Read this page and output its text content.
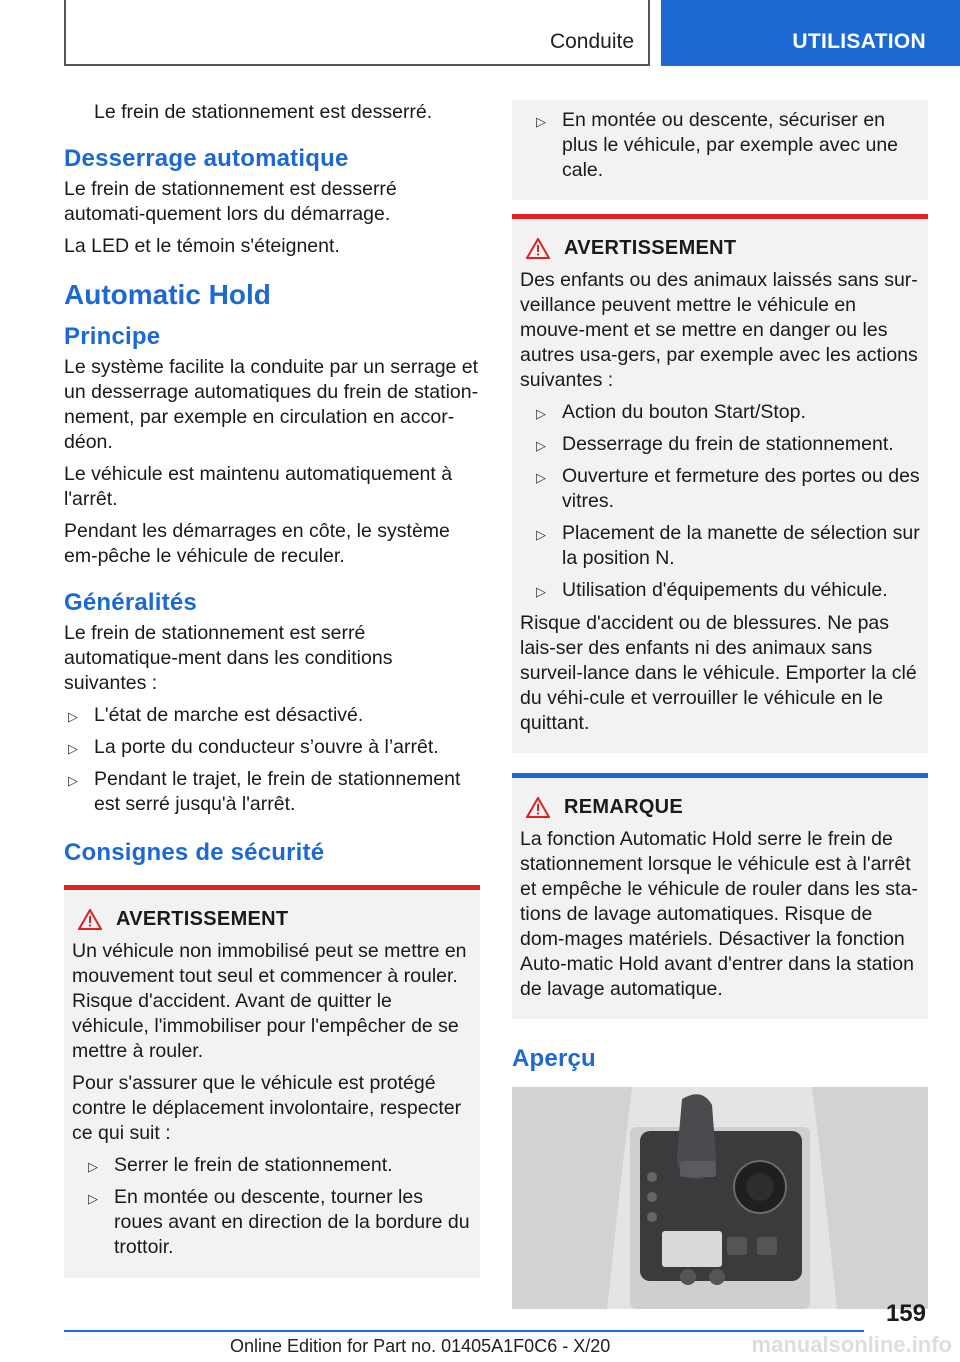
Conduite	UTILISATION

Le frein de stationnement est desserré.

Desserrage automatique

Le frein de stationnement est desserré automati-quement lors du démarrage.

La LED et le témoin s'éteignent.

Automatic Hold
Principe

Le système facilite la conduite par un serrage et un desserrage automatiques du frein de station-nement, par exemple en circulation en accor-déon.

Le véhicule est maintenu automatiquement à l'arrêt.

Pendant les démarrages en côte, le système em-pêche le véhicule de reculer.

Généralités

Le frein de stationnement est serré automatique-ment dans les conditions suivantes :

▷ L'état de marche est désactivé.
▷ La porte du conducteur s’ouvre à l’arrêt.
▷ Pendant le trajet, le frein de stationnement est serré jusqu'à l'arrêt.
Consignes de sécurité
AVERTISSEMENT

Un véhicule non immobilisé peut se mettre en mouvement tout seul et commencer à rouler. Risque d'accident. Avant de quitter le véhicule, l'immobiliser pour l'empêcher de se mettre à rouler.

Pour s'assurer que le véhicule est protégé contre le déplacement involontaire, respecter ce qui suit :

▷ Serrer le frein de stationnement.
▷ En montée ou descente, tourner les roues avant en direction de la bordure du trottoir.
▷ En montée ou descente, sécuriser en plus le véhicule, par exemple avec une cale.
AVERTISSEMENT

Des enfants ou des animaux laissés sans sur-veillance peuvent mettre le véhicule en mouve-ment et se mettre en danger ou les autres usa-gers, par exemple avec les actions suivantes :

▷ Action du bouton Start/Stop.
▷ Desserrage du frein de stationnement.
▷ Ouverture et fermeture des portes ou des vitres.
▷ Placement de la manette de sélection sur la position N.
▷ Utilisation d'équipements du véhicule.

Risque d'accident ou de blessures. Ne pas lais-ser des enfants ni des animaux sans surveil-lance dans le véhicule. Emporter la clé du véhi-cule et verrouiller le véhicule en le quittant.

REMARQUE

La fonction Automatic Hold serre le frein de stationnement lorsque le véhicule est à l'arrêt et empêche le véhicule de rouler dans les sta-tions de lavage automatiques. Risque de dom-mages matériels. Désactiver la fonction Auto-matic Hold avant d'entrer dans la station de lavage automatique.

Aperçu
159
Online Edition for Part no. 01405A1F0C6 - X/20	manualsonline.info
